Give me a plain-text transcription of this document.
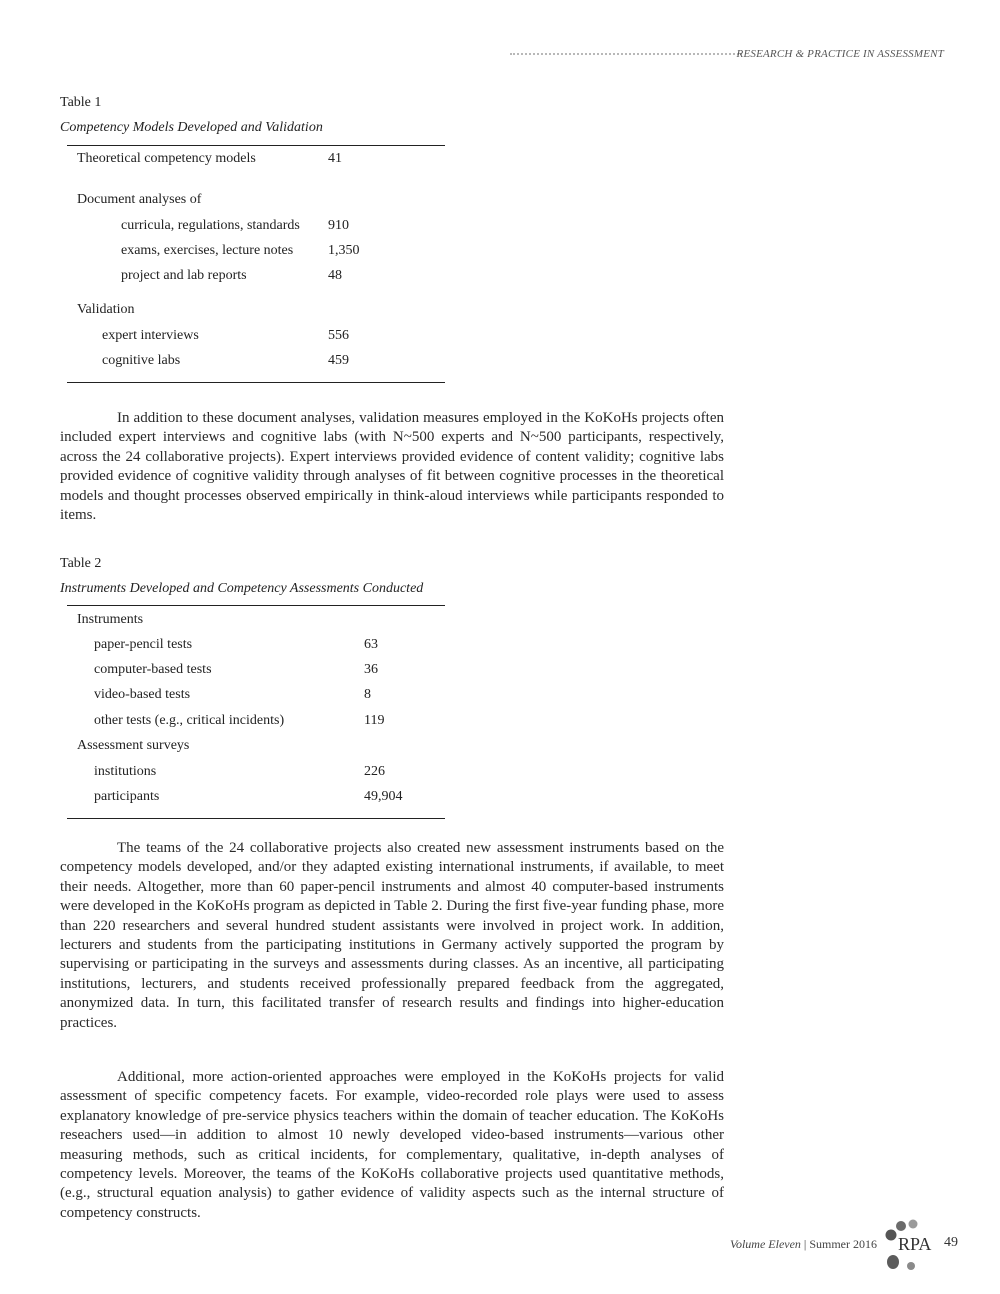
RESEARCH & PRACTICE IN ASSESSMENT
Table 1
Competency Models Developed and Validation
Theoretical competency models	41
Document analyses of
curricula, regulations, standards 910
exams, exercises, lecture notes 1,350
project and lab reports	48
Validation
expert interviews	556
cognitive labs	459

In addition to these document analyses, validation measures employed in the KoKoHs projects often included expert interviews and cognitive labs (with N~500 experts and N~500 participants, respectively, across the 24 collaborative projects). Expert interviews provided evidence of content validity; cognitive labs provided evidence of cognitive validity through analyses of fit between cognitive processes in the theoretical models and thought processes observed empirically in think-aloud interviews while participants responded to items.

Table 2
Instruments Developed and Competency Assessments Conducted
Instruments
paper-pencil tests	63
computer-based tests	36
video-based tests	8
other tests (e.g., critical incidents)	119
Assessment surveys
institutions	226
participants	49,904

The teams of the 24 collaborative projects also created new assessment instruments based on the competency models developed, and/or they adapted existing international instruments, if available, to meet their needs. Altogether, more than 60 paper-pencil instruments and almost 40 computer-based instruments were developed in the KoKoHs program as depicted in Table 2. During the first five-year funding phase, more than 220 researchers and several hundred student assistants were involved in project work. In addition, lecturers and students from the participating institutions in Germany actively supported the program by supervising or participating in the surveys and assessments during classes. As an incentive, all participating institutions, lecturers, and students received professionally prepared feedback from the aggregated, anonymized data. In turn, this facilitated transfer of research results and findings into higher-education practices.

Additional, more action-oriented approaches were employed in the KoKoHs projects for valid assessment of specific competency facets. For example, video-recorded role plays were used to assess explanatory knowledge of pre-service physics teachers within the domain of teacher education. The KoKoHs reseachers used—in addition to almost 10 newly developed video-based instruments—various other measuring methods, such as critical incidents, for complementary, qualitative, in-depth analyses of competency levels. Moreover, the teams of the KoKoHs collaborative projects used quantitative methods, (e.g., structural equation analysis) to gather evidence of validity aspects such as the internal structure of competency constructs.

Volume Eleven | Summer 2016 RPA 49
